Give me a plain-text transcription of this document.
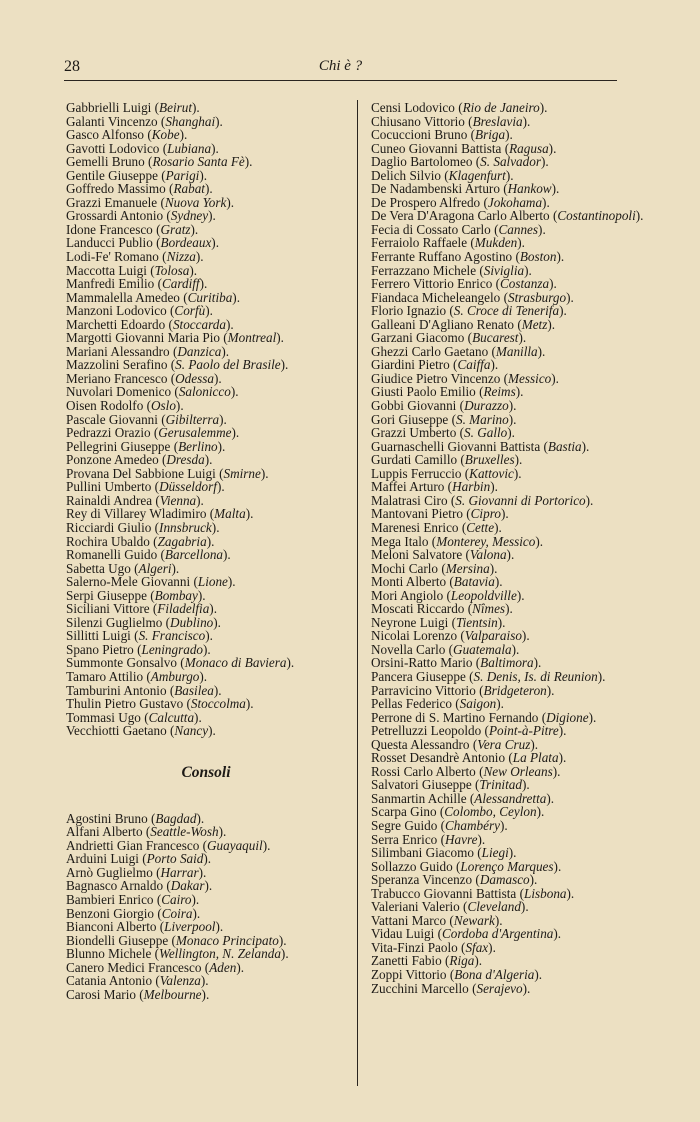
28	Chi è ?
Gabbrielli Luigi (Beirut).
Galanti Vincenzo (Shanghai).
Gasco Alfonso (Kobe).
Gavotti Lodovico (Lubiana).
Gemelli Bruno (Rosario Santa Fè).
Gentile Giuseppe (Parigi).
Goffredo Massimo (Rabat).
Grazzi Emanuele (Nuova York).
Grossardi Antonio (Sydney).
Idone Francesco (Gratz).
Landucci Publio (Bordeaux).
Lodi-Fe' Romano (Nizza).
Maccotta Luigi (Tolosa).
Manfredi Emilio (Cardiff).
Mammalella Amedeo (Curitiba).
Manzoni Lodovico (Corfù).
Marchetti Edoardo (Stoccarda).
Margotti Giovanni Maria Pio (Montreal).
Mariani Alessandro (Danzica).
Mazzolini Serafino (S. Paolo del Brasile).
Meriano Francesco (Odessa).
Nuvolari Domenico (Salonicco).
Oisen Rodolfo (Oslo).
Pascale Giovanni (Gibilterra).
Pedrazzi Orazio (Gerusalemme).
Pellegrini Giuseppe (Berlino).
Ponzone Amedeo (Dresda).
Provana Del Sabbione Luigi (Smirne).
Pullini Umberto (Düsseldorf).
Rainaldi Andrea (Vienna).
Rey di Villarey Wladimiro (Malta).
Ricciardi Giulio (Innsbruck).
Rochira Ubaldo (Zagabria).
Romanelli Guido (Barcellona).
Sabetta Ugo (Algeri).
Salerno-Mele Giovanni (Lione).
Serpi Giuseppe (Bombay).
Siciliani Vittore (Filadelfia).
Silenzi Guglielmo (Dublino).
Sillitti Luigi (S. Francisco).
Spano Pietro (Leningrado).
Summonte Gonsalvo (Monaco di Baviera).
Tamaro Attilio (Amburgo).
Tamburini Antonio (Basilea).
Thulin Pietro Gustavo (Stoccolma).
Tommasi Ugo (Calcutta).
Vecchiotti Gaetano (Nancy).
Consoli
Agostini Bruno (Bagdad).
Alfani Alberto (Seattle-Wosh).
Andrietti Gian Francesco (Guayaquil).
Arduini Luigi (Porto Said).
Arnò Guglielmo (Harrar).
Bagnasco Arnaldo (Dakar).
Bambieri Enrico (Cairo).
Benzoni Giorgio (Coira).
Bianconi Alberto (Liverpool).
Biondelli Giuseppe (Monaco Principato).
Blunno Michele (Wellington, N. Zelanda).
Canero Medici Francesco (Aden).
Catania Antonio (Valenza).
Carosi Mario (Melbourne).
Censi Lodovico (Rio de Janeiro).
Chiusano Vittorio (Breslavia).
Cocuccioni Bruno (Briga).
Cuneo Giovanni Battista (Ragusa).
Daglio Bartolomeo (S. Salvador).
Delich Silvio (Klagenfurt).
De Nadambenski Arturo (Hankow).
De Prospero Alfredo (Jokohama).
De Vera D'Aragona Carlo Alberto (Costantinopoli).
Fecia di Cossato Carlo (Cannes).
Ferraiolo Raffaele (Mukden).
Ferrante Ruffano Agostino (Boston).
Ferrazzano Michele (Siviglia).
Ferrero Vittorio Enrico (Costanza).
Fiandaca Micheleangelo (Strasburgo).
Florio Ignazio (S. Croce di Tenerifa).
Galleani D'Agliano Renato (Metz).
Garzani Giacomo (Bucarest).
Ghezzi Carlo Gaetano (Manilla).
Giardini Pietro (Caiffa).
Giudice Pietro Vincenzo (Messico).
Giusti Paolo Emilio (Reims).
Gobbi Giovanni (Durazzo).
Gori Giuseppe (S. Marino).
Grazzi Umberto (S. Gallo).
Guarnaschelli Giovanni Battista (Bastia).
Gurdati Camillo (Bruxelles).
Luppis Ferruccio (Kattovic).
Maffei Arturo (Harbin).
Malatrasi Ciro (S. Giovanni di Portorico).
Mantovani Pietro (Cipro).
Marenesi Enrico (Cette).
Mega Italo (Monterey, Messico).
Meloni Salvatore (Valona).
Mochi Carlo (Mersina).
Monti Alberto (Batavia).
Mori Angiolo (Leopoldville).
Moscati Riccardo (Nîmes).
Neyrone Luigi (Tientsin).
Nicolai Lorenzo (Valparaiso).
Novella Carlo (Guatemala).
Orsini-Ratto Mario (Baltimora).
Pancera Giuseppe (S. Denis, Is. di Reunion).
Parravicino Vittorio (Bridgeteron).
Pellas Federico (Saigon).
Perrone di S. Martino Fernando (Digione).
Petrelluzzi Leopoldo (Point-à-Pitre).
Questa Alessandro (Vera Cruz).
Rosset Desandrè Antonio (La Plata).
Rossi Carlo Alberto (New Orleans).
Salvatori Giuseppe (Trinitad).
Sanmartin Achille (Alessandretta).
Scarpa Gino (Colombo, Ceylon).
Segre Guido (Chambéry).
Serra Enrico (Havre).
Silimbani Giacomo (Liegi).
Sollazzo Guido (Lorenço Marques).
Speranza Vincenzo (Damasco).
Trabucco Giovanni Battista (Lisbona).
Valeriani Valerio (Cleveland).
Vattani Marco (Newark).
Vidau Luigi (Cordoba d'Argentina).
Vita-Finzi Paolo (Sfax).
Zanetti Fabio (Riga).
Zoppi Vittorio (Bona d'Algeria).
Zucchini Marcello (Serajevo).
